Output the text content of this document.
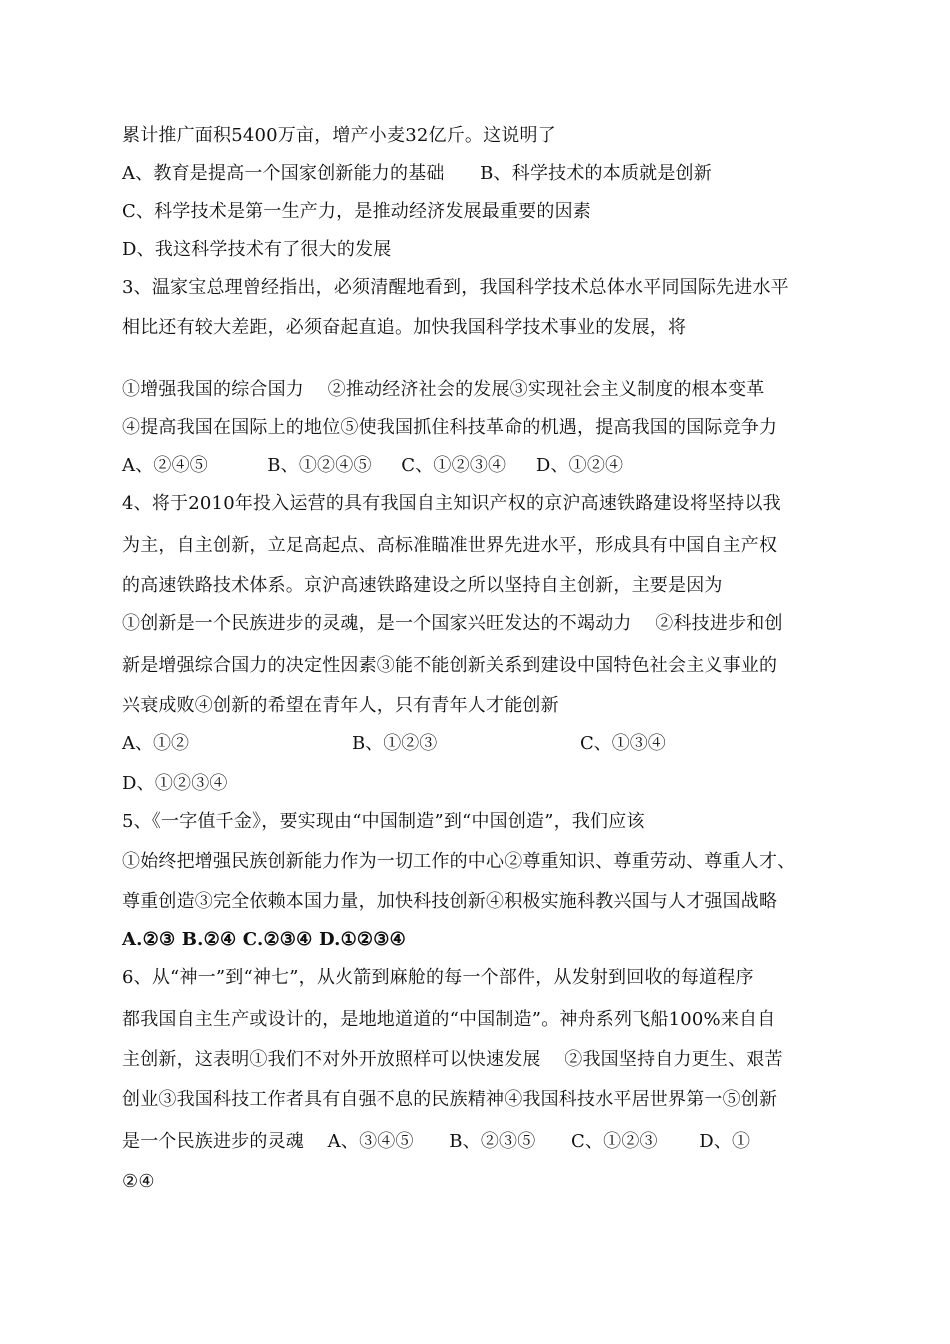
累计推广面积5400万亩，增产小麦32亿斤。这说明了
A、教育是提高一个国家创新能力的基础      B、科学技术的本质就是创新
C、科学技术是第一生产力，是推动经济发展最重要的因素
D、我这科学技术有了很大的发展
3、温家宝总理曾经指出，必须清醒地看到，我国科学技术总体水平同国际先进水平
相比还有较大差距，必须奋起直追。加快我国科学技术事业的发展，将
①增强我国的综合国力    ②推动经济社会的发展③实现社会主义制度的根本变革
④提高我国在国际上的地位⑤使我国抓住科技革命的机遇，提高我国的国际竞争力
A、②④⑤          B、①②④⑤     C、①②③④     D、①②④
4、将于2010年投入运营的具有我国自主知识产权的京沪高速铁路建设将坚持以我
为主，自主创新，立足高起点、高标准瞄准世界先进水平，形成具有中国自主产权
的高速铁路技术体系。京沪高速铁路建设之所以坚持自主创新，主要是因为
①创新是一个民族进步的灵魂，是一个国家兴旺发达的不竭动力    ②科技进步和创
新是增强综合国力的决定性因素③能不能创新关系到建设中国特色社会主义事业的
兴衰成败④创新的希望在青年人，只有青年人才能创新
A、①②	B、①②③	C、①③④
D、①②③④
5、《一字值千金》，要实现由“中国制造”到“中国创造”，我们应该
①始终把增强民族创新能力作为一切工作的中心②尊重知识、尊重劳动、尊重人才、
尊重创造③完全依赖本国力量，加快科技创新④积极实施科教兴国与人才强国战略
A.②③ B.②④ C.②③④ D.①②③④
6、从“神一”到“神七”，从火箭到麻舱的每一个部件，从发射到回收的每道程序
都我国自主生产或设计的，是地地道道的“中国制造”。神舟系列飞船100%来自自
主创新，这表明①我们不对外开放照样可以快速发展    ②我国坚持自力更生、艰苦
创业③我国科技工作者具有自强不息的民族精神④我国科技水平居世界第一⑤创新
是一个民族进步的灵魂    A、③④⑤      B、②③⑤      C、①②③       D、①
②④
